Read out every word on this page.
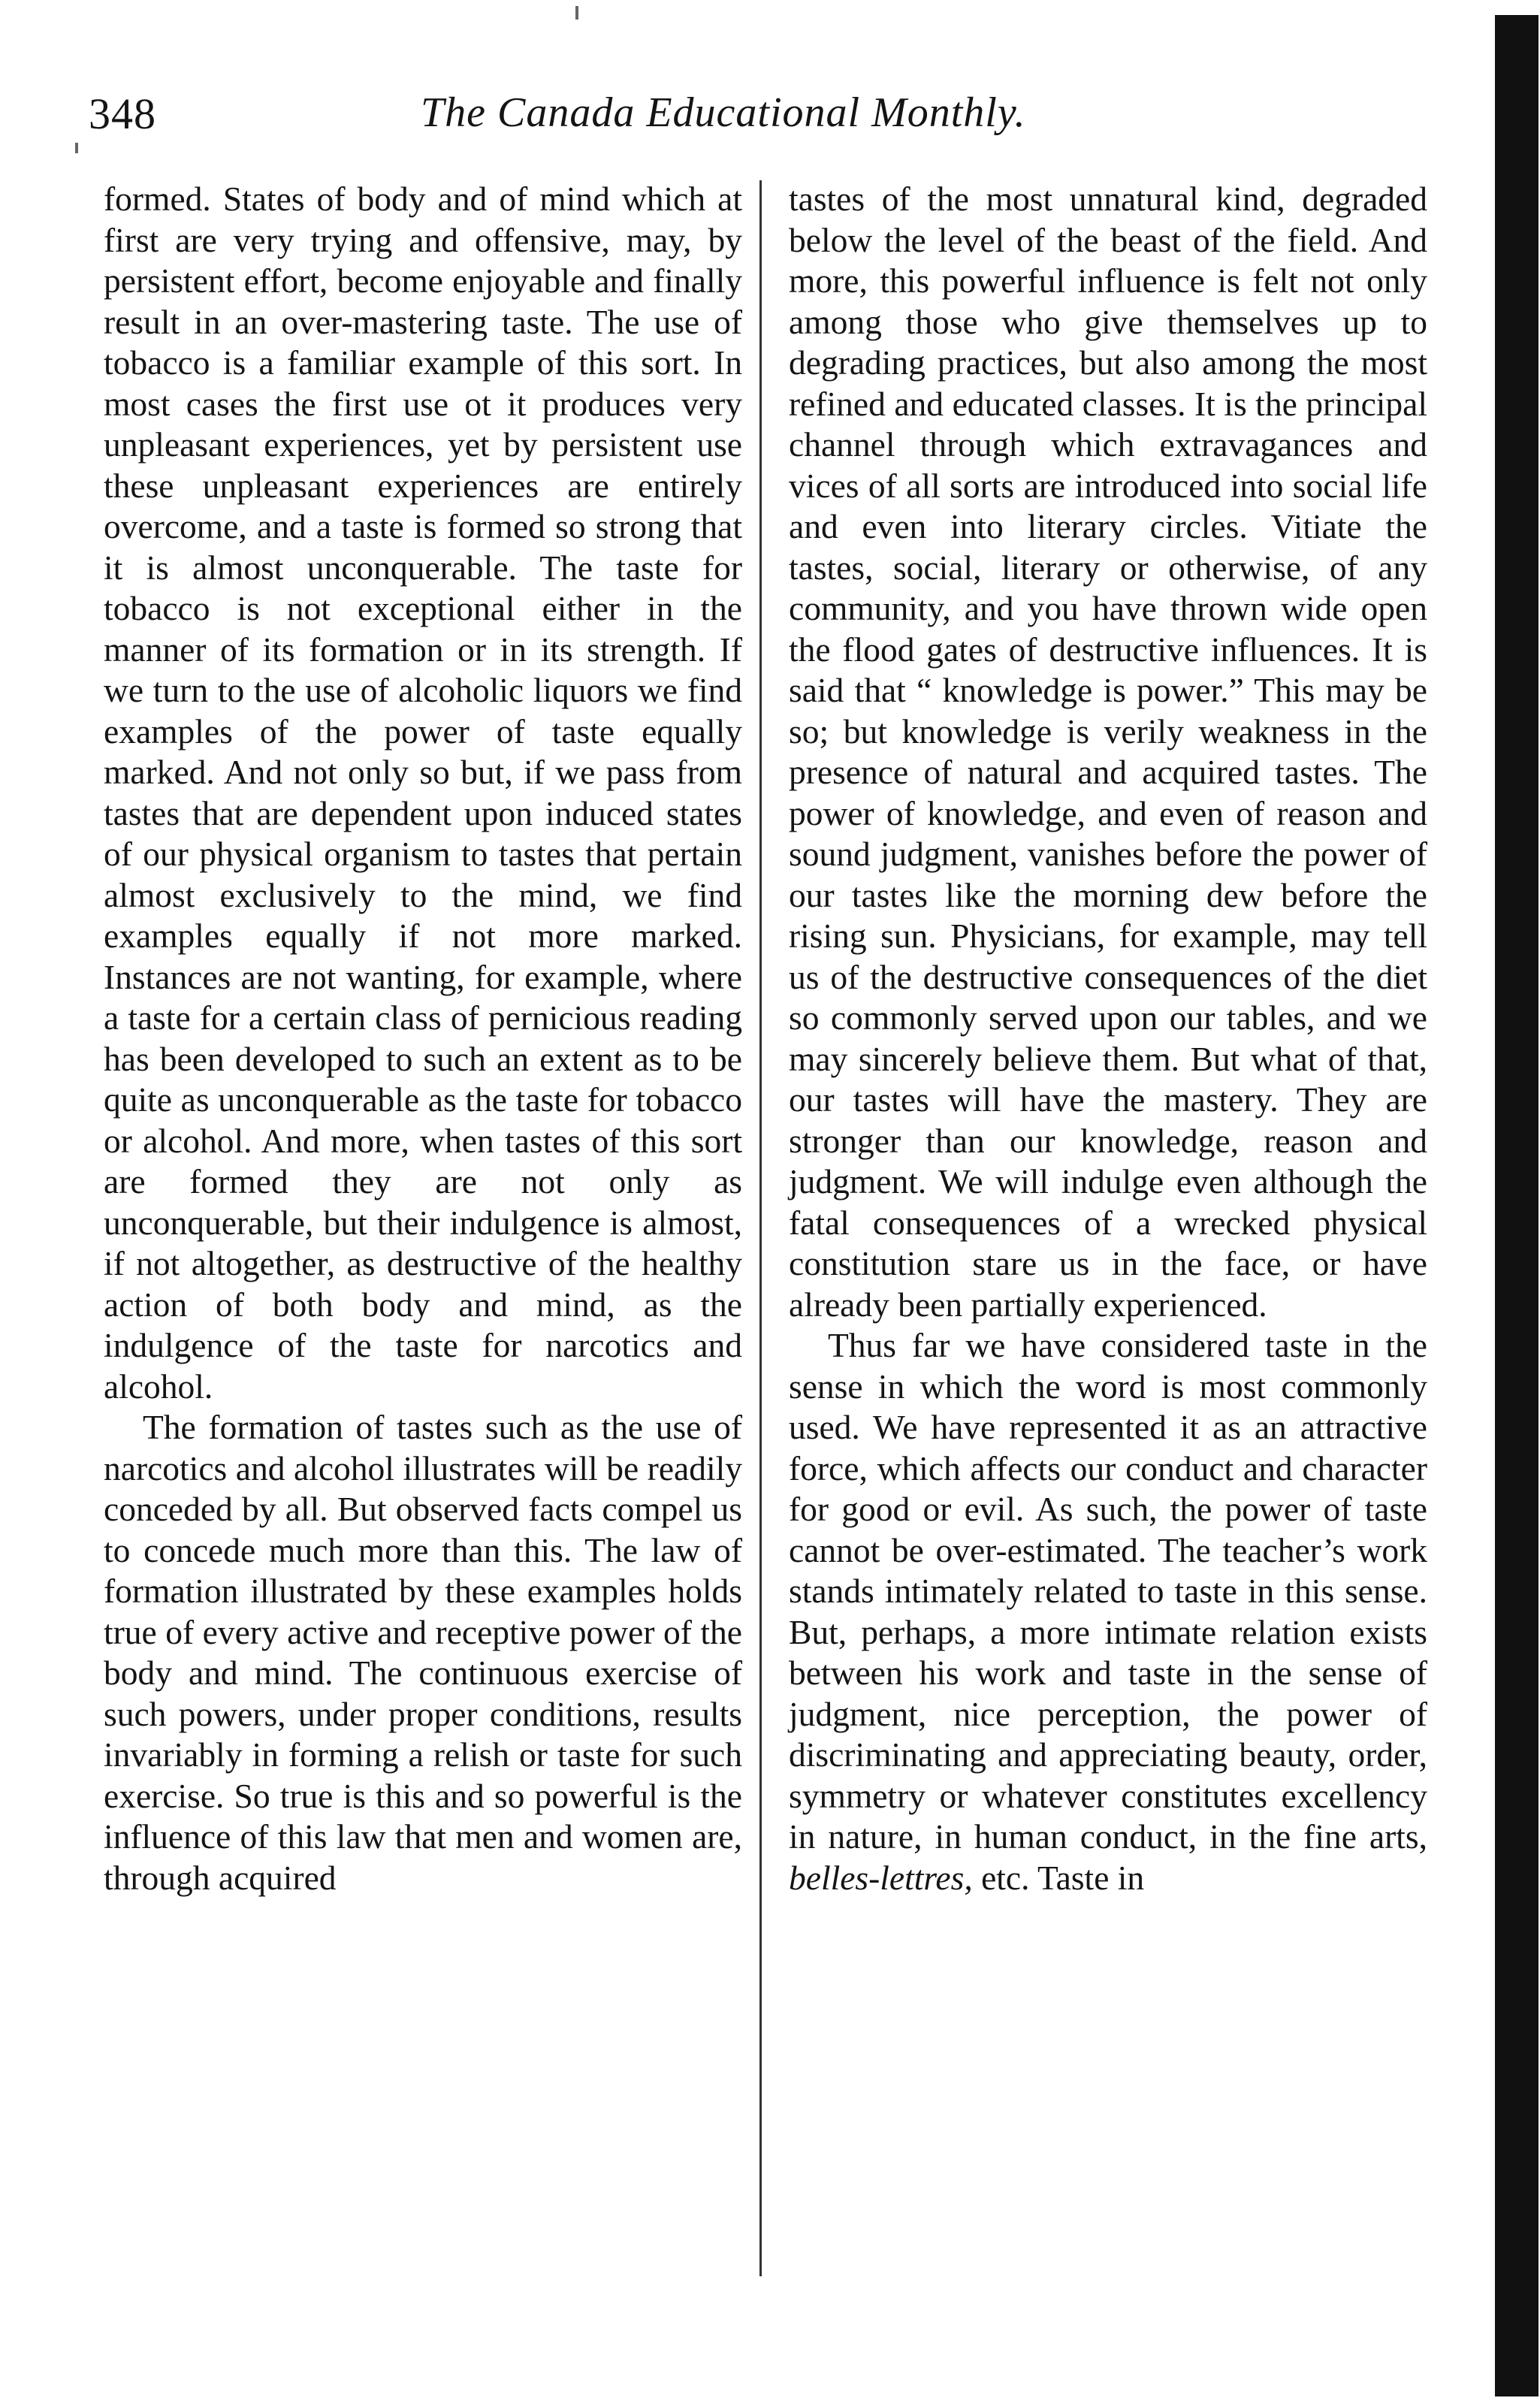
348	The Canada Educational Monthly.

formed. States of body and of mind which at first are very trying and offensive, may, by persistent effort, become enjoyable and finally result in an over-mastering taste. The use of tobacco is a familiar example of this sort. In most cases the first use ot it produces very unpleasant experiences, yet by persistent use these unpleasant experiences are entirely overcome, and a taste is formed so strong that it is almost unconquerable. The taste for tobacco is not exceptional either in the manner of its formation or in its strength. If we turn to the use of alcoholic liquors we find examples of the power of taste equally marked. And not only so but, if we pass from tastes that are dependent upon induced states of our physical organism to tastes that pertain almost exclusively to the mind, we find examples equally if not more marked. Instances are not wanting, for example, where a taste for a certain class of pernicious reading has been developed to such an extent as to be quite as unconquerable as the taste for tobacco or alcohol. And more, when tastes of this sort are formed they are not only as unconquerable, but their indulgence is almost, if not altogether, as destructive of the healthy action of both body and mind, as the indulgence of the taste for narcotics and alcohol.

The formation of tastes such as the use of narcotics and alcohol illustrates will be readily conceded by all. But observed facts compel us to concede much more than this. The law of formation illustrated by these examples holds true of every active and receptive power of the body and mind. The continuous exercise of such powers, under proper conditions, results invariably in forming a relish or taste for such exercise. So true is this and so powerful is the influence of this law that men and women are, through acquired

tastes of the most unnatural kind, degraded below the level of the beast of the field. And more, this powerful influence is felt not only among those who give themselves up to degrading practices, but also among the most refined and educated classes. It is the principal channel through which extravagances and vices of all sorts are introduced into social life and even into literary circles. Vitiate the tastes, social, literary or otherwise, of any community, and you have thrown wide open the flood gates of destructive influences. It is said that “ knowledge is power.” This may be so; but knowledge is verily weakness in the presence of natural and acquired tastes. The power of knowledge, and even of reason and sound judgment, vanishes before the power of our tastes like the morning dew before the rising sun. Physicians, for example, may tell us of the destructive consequences of the diet so commonly served upon our tables, and we may sincerely believe them. But what of that, our tastes will have the mastery. They are stronger than our knowledge, reason and judgment. We will indulge even although the fatal consequences of a wrecked physical constitution stare us in the face, or have already been partially experienced.

Thus far we have considered taste in the sense in which the word is most commonly used. We have represented it as an attractive force, which affects our conduct and character for good or evil. As such, the power of taste cannot be over-estimated. The teacher’s work stands intimately related to taste in this sense. But, perhaps, a more intimate relation exists between his work and taste in the sense of judgment, nice perception, the power of discriminating and appreciating beauty, order, symmetry or whatever constitutes excellency in nature, in human conduct, in the fine arts, belles-lettres, etc. Taste in
